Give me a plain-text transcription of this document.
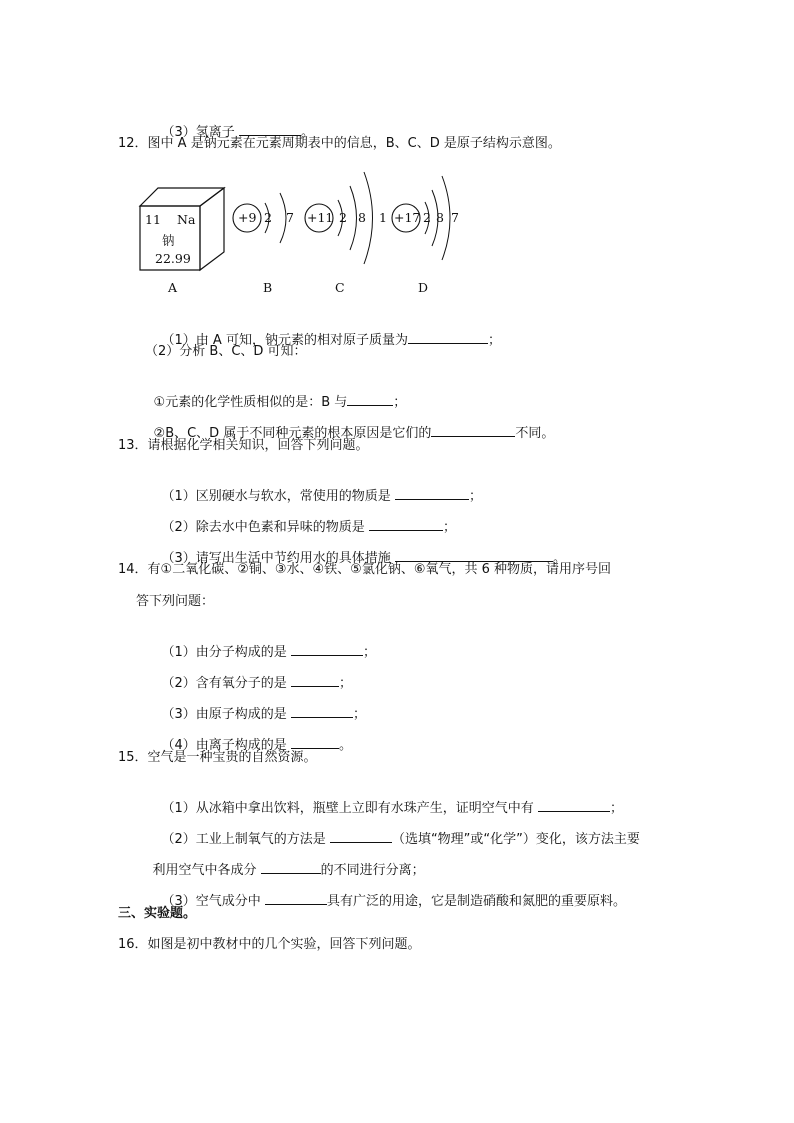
（3）氢离子	。

12．图中 A 是钠元素在元素周期表中的信息，B、C、D 是原子结构示意图。
11 Na
钠
22.99
A
+9 2 7
B
+11 2 8 1
C
+17 2 8 7
D

（1）由 A 可知，钠元素的相对原子质量为	；

（2）分析 B、C、D 可知：

①元素的化学性质相似的是：B 与	；

②B、C、D 属于不同种元素的根本原因是它们的	不同。

13．请根据化学相关知识，回答下列问题。

（1）区别硬水与软水，常使用的物质是	；

（2）除去水中色素和异味的物质是	；

（3）请写出生活中节约用水的具体措施	。

14．有①二氧化碳、②铜、③水、④铁、⑤氯化钠、⑥氧气，共 6 种物质，请用序号回
答下列问题：

（1）由分子构成的是	；

（2）含有氧分子的是	；

（3）由原子构成的是	；

（4）由离子构成的是	。

15．空气是一种宝贵的自然资源。

（1）从冰箱中拿出饮料，瓶壁上立即有水珠产生，证明空气中有	；

（2）工业上制氧气的方法是	（选填“物理”或“化学”）变化，该方法主要

利用空气中各成分	的不同进行分离；

（3）空气成分中	具有广泛的用途，它是制造硝酸和氮肥的重要原料。

三、实验题。
16．如图是初中教材中的几个实验，回答下列问题。
